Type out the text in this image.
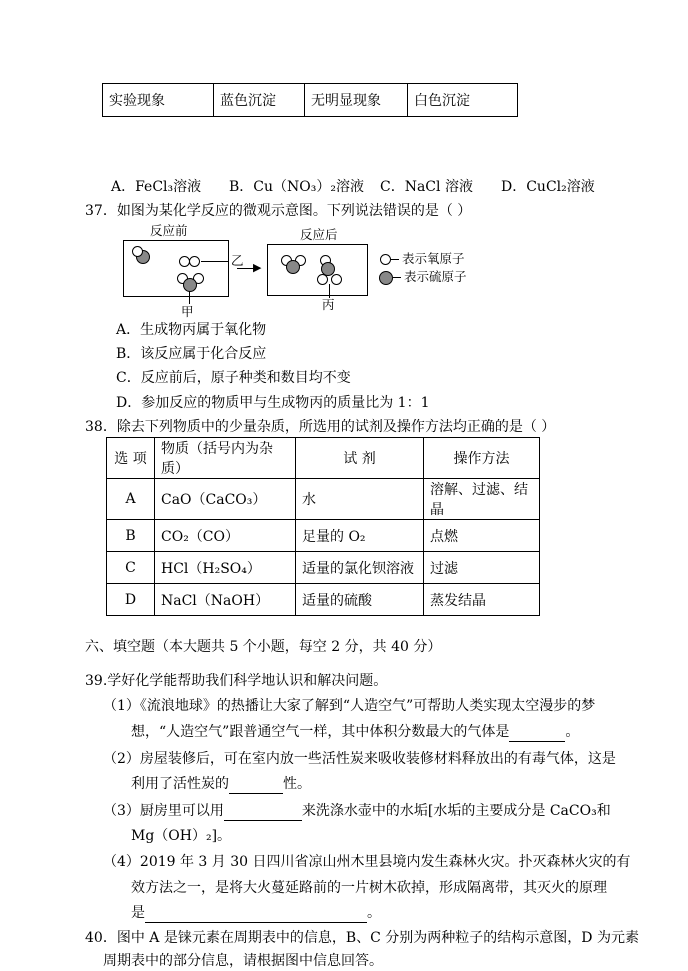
实验现象	蓝色沉淀	无明显现象	白色沉淀
A．FeCl₃溶液 B．Cu（NO₃）₂溶液 C．NaCl 溶液 D．CuCl₂溶液
37．如图为某化学反应的微观示意图。下列说法错误的是（ ）
反应前
乙
甲
▶
反应后
丙
表示氧原子
表示硫原子
A．生成物丙属于氧化物
B．该反应属于化合反应
C．反应前后，原子种类和数目均不变
D．参加反应的物质甲与生成物丙的质量比为 1：1
38．除去下列物质中的少量杂质，所选用的试剂及操作方法均正确的是（ ）
选 项	物质（括号内为杂质）	试 剂	操作方法
A	CaO（CaCO₃）	水	溶解、过滤、结晶
B	CO₂（CO）	足量的 O₂	点燃
C	HCl（H₂SO₄）	适量的氯化钡溶液	过滤
D	NaCl（NaOH）	适量的硫酸	蒸发结晶
六、填空题（本大题共 5 个小题，每空 2 分，共 40 分）
39.学好化学能帮助我们科学地认识和解决问题。
（1）《流浪地球》的热播让大家了解到“人造空气”可帮助人类实现太空漫步的梦
想，“人造空气”跟普通空气一样，其中体积分数最大的气体是	。
（2）房屋装修后，可在室内放一些活性炭来吸收装修材料释放出的有毒气体，这是
利用了活性炭的	性。
（3）厨房里可以用	来洗涤水壶中的水垢[水垢的主要成分是 CaCO₃和
Mg（OH）₂]。
（4）2019 年 3 月 30 日四川省凉山州木里县境内发生森林火灾。扑灭森林火灾的有
效方法之一，是将大火蔓延路前的一片树木砍掉，形成隔离带，其灭火的原理
是	。
40．图中 A 是铼元素在周期表中的信息，B、C 分别为两种粒子的结构示意图，D 为元素
周期表中的部分信息，请根据图中信息回答。
